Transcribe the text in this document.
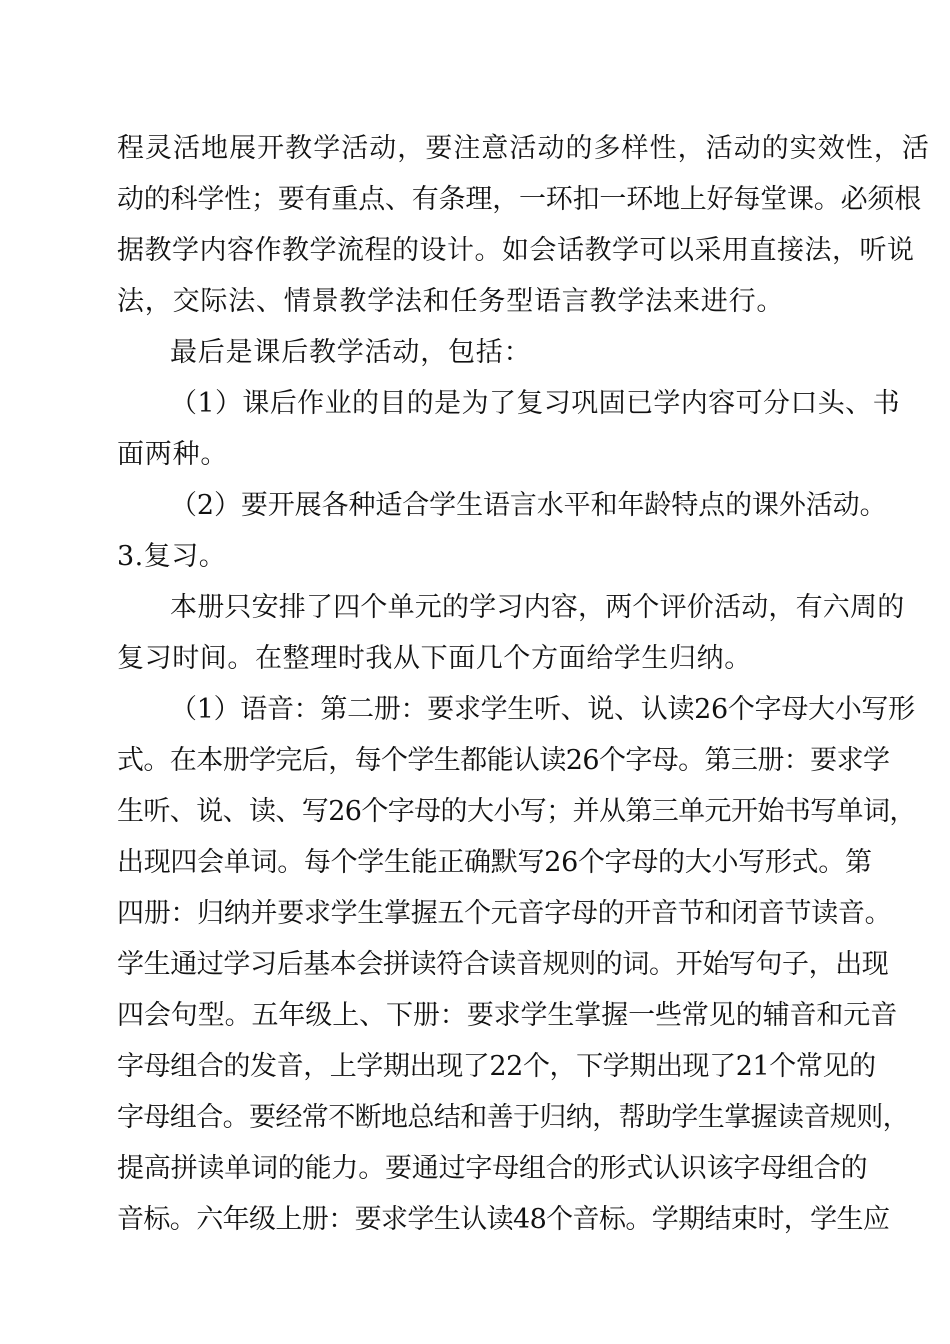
程灵活地展开教学活动，要注意活动的多样性，活动的实效性，活
动的科学性；要有重点、有条理，一环扣一环地上好每堂课。必须根
据教学内容作教学流程的设计。如会话教学可以采用直接法，听说
法，交际法、情景教学法和任务型语言教学法来进行。
最后是课后教学活动，包括：
（1）课后作业的目的是为了复习巩固已学内容可分口头、书
面两种。
（2）要开展各种适合学生语言水平和年龄特点的课外活动。
3.复习。
本册只安排了四个单元的学习内容，两个评价活动，有六周的
复习时间。在整理时我从下面几个方面给学生归纳。
（1）语音：第二册：要求学生听、说、认读26个字母大小写形
式。在本册学完后，每个学生都能认读26个字母。第三册：要求学
生听、说、读、写26个字母的大小写；并从第三单元开始书写单词，
出现四会单词。每个学生能正确默写26个字母的大小写形式。第
四册：归纳并要求学生掌握五个元音字母的开音节和闭音节读音。
学生通过学习后基本会拼读符合读音规则的词。开始写句子，出现
四会句型。五年级上、下册：要求学生掌握一些常见的辅音和元音
字母组合的发音，上学期出现了22个，下学期出现了21个常见的
字母组合。要经常不断地总结和善于归纳，帮助学生掌握读音规则，
提高拼读单词的能力。要通过字母组合的形式认识该字母组合的
音标。六年级上册：要求学生认读48个音标。学期结束时，学生应
